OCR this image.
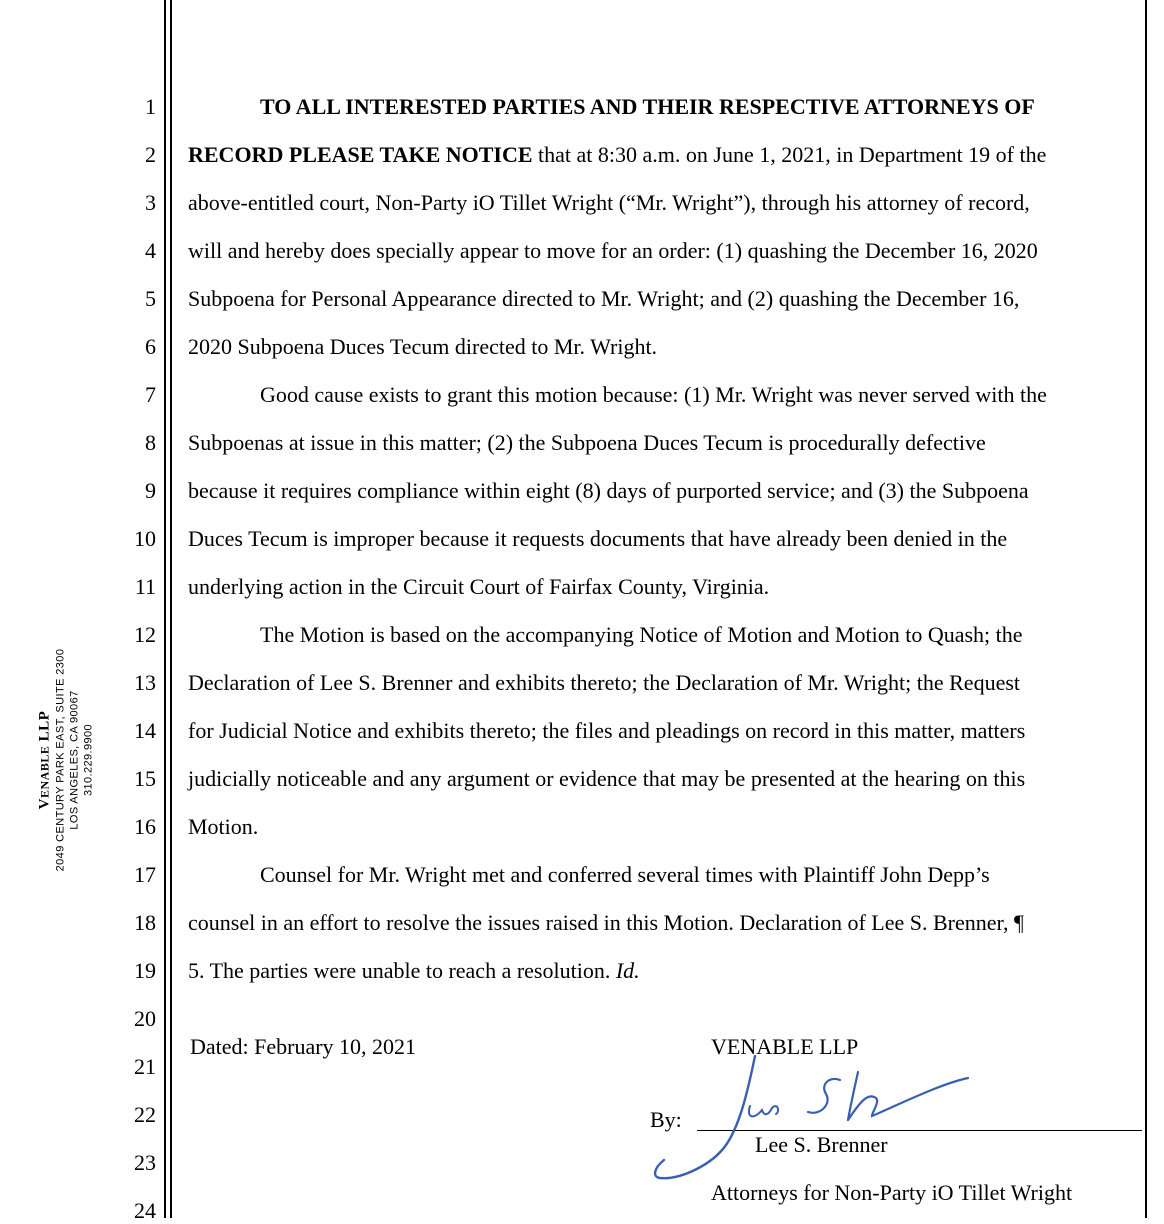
VENABLE LLP 2049 CENTURY PARK EAST, SUITE 2300 LOS ANGELES, CA 90067 310.229.9900
1
2
3
4
5
6
7
8
9
10
11
12
13
14
15
16
17
18
19
20
21
22
23
24
TO ALL INTERESTED PARTIES AND THEIR RESPECTIVE ATTORNEYS OF
RECORD PLEASE TAKE NOTICE that at 8:30 a.m. on June 1, 2021, in Department 19 of the
above-entitled court, Non-Party iO Tillet Wright (“Mr. Wright”), through his attorney of record,
will and hereby does specially appear to move for an order: (1) quashing the December 16, 2020
Subpoena for Personal Appearance directed to Mr. Wright; and (2) quashing the December 16,
2020 Subpoena Duces Tecum directed to Mr. Wright.
Good cause exists to grant this motion because: (1) Mr. Wright was never served with the
Subpoenas at issue in this matter; (2) the Subpoena Duces Tecum is procedurally defective
because it requires compliance within eight (8) days of purported service; and (3) the Subpoena
Duces Tecum is improper because it requests documents that have already been denied in the
underlying action in the Circuit Court of Fairfax County, Virginia.
The Motion is based on the accompanying Notice of Motion and Motion to Quash; the
Declaration of Lee S. Brenner and exhibits thereto; the Declaration of Mr. Wright; the Request
for Judicial Notice and exhibits thereto; the files and pleadings on record in this matter, matters
judicially noticeable and any argument or evidence that may be presented at the hearing on this
Motion.
Counsel for Mr. Wright met and conferred several times with Plaintiff John Depp’s
counsel in an effort to resolve the issues raised in this Motion. Declaration of Lee S. Brenner, ¶
5. The parties were unable to reach a resolution. Id.
Dated: February 10, 2021	VENABLE LLP
By:
Lee S. Brenner
Attorneys for Non-Party iO Tillet Wright
